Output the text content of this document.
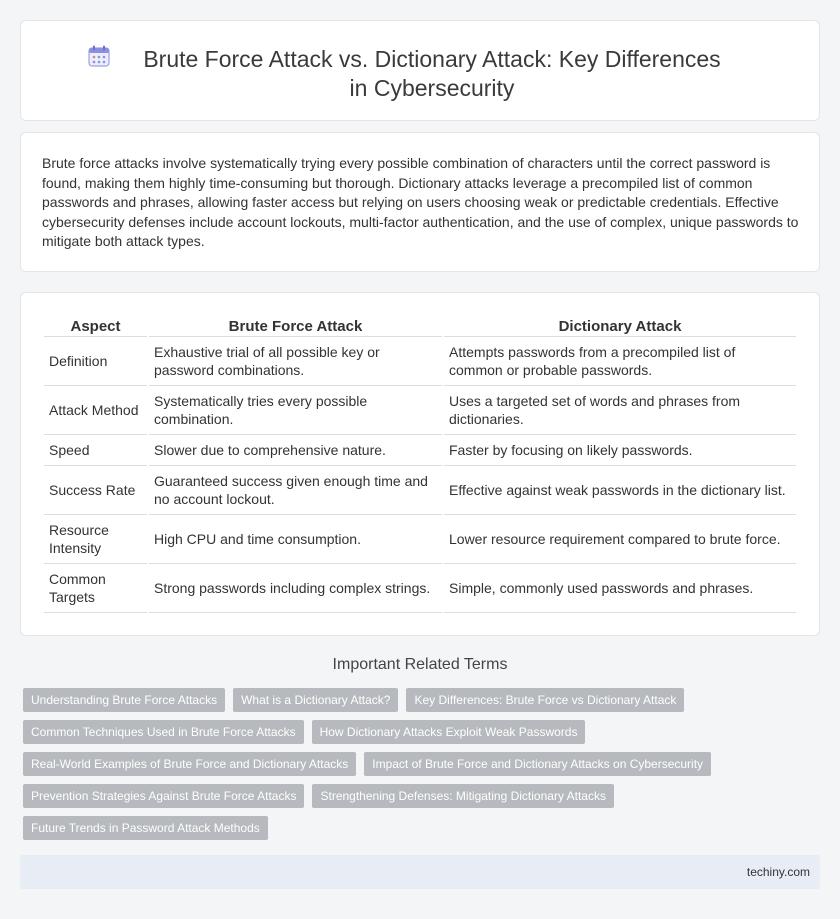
Brute Force Attack vs. Dictionary Attack: Key Differences in Cybersecurity

Brute force attacks involve systematically trying every possible combination of characters until the correct password is found, making them highly time-consuming but thorough. Dictionary attacks leverage a precompiled list of common passwords and phrases, allowing faster access but relying on users choosing weak or predictable credentials. Effective cybersecurity defenses include account lockouts, multi-factor authentication, and the use of complex, unique passwords to mitigate both attack types.

Aspect	Brute Force Attack	Dictionary Attack
Definition	Exhaustive trial of all possible key or password combinations.	Attempts passwords from a precompiled list of common or probable passwords.
Attack Method	Systematically tries every possible combination.	Uses a targeted set of words and phrases from dictionaries.
Speed	Slower due to comprehensive nature.	Faster by focusing on likely passwords.
Success Rate	Guaranteed success given enough time and no account lockout.	Effective against weak passwords in the dictionary list.
Resource Intensity	High CPU and time consumption.	Lower resource requirement compared to brute force.
Common Targets	Strong passwords including complex strings.	Simple, commonly used passwords and phrases.
Important Related Terms
Understanding Brute Force Attacks	What is a Dictionary Attack?	Key Differences: Brute Force vs Dictionary Attack
Common Techniques Used in Brute Force Attacks	How Dictionary Attacks Exploit Weak Passwords
Real-World Examples of Brute Force and Dictionary Attacks	Impact of Brute Force and Dictionary Attacks on Cybersecurity
Prevention Strategies Against Brute Force Attacks	Strengthening Defenses: Mitigating Dictionary Attacks
Future Trends in Password Attack Methods
techiny.com
